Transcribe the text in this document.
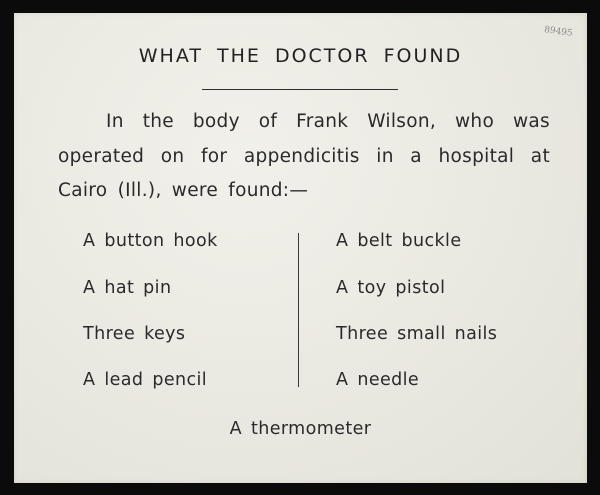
89495
WHAT THE DOCTOR FOUND
In the body of Frank Wilson, who was operated on for appendicitis in a hospital at Cairo (Ill.), were found:—
A button hook
A hat pin
Three keys
A lead pencil
A belt buckle
A toy pistol
Three small nails
A needle
A thermometer
